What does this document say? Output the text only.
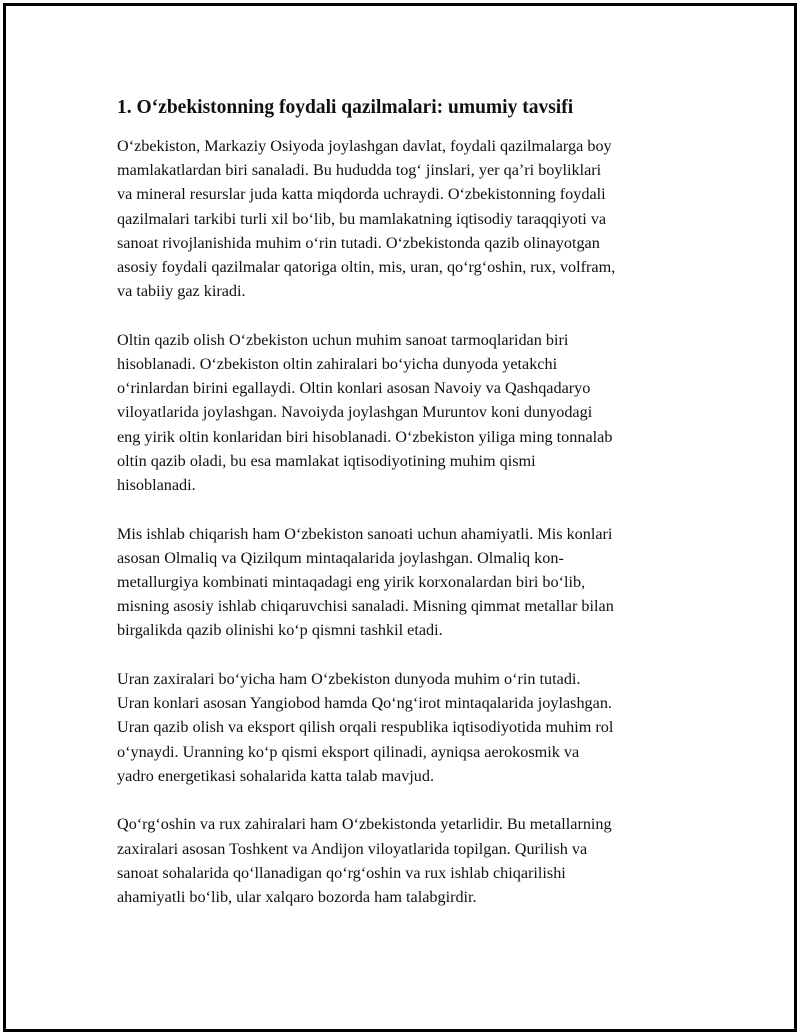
1. O‘zbekistonning foydali qazilmalari: umumiy tavsifi

O‘zbekiston, Markaziy Osiyoda joylashgan davlat, foydali qazilmalarga boy
mamlakatlardan biri sanaladi. Bu hududda tog‘ jinslari, yer qa’ri boyliklari
va mineral resurslar juda katta miqdorda uchraydi. O‘zbekistonning foydali
qazilmalari tarkibi turli xil bo‘lib, bu mamlakatning iqtisodiy taraqqiyoti va
sanoat rivojlanishida muhim o‘rin tutadi. O‘zbekistonda qazib olinayotgan
asosiy foydali qazilmalar qatoriga oltin, mis, uran, qo‘rg‘oshin, rux, volfram,
va tabiiy gaz kiradi.

Oltin qazib olish O‘zbekiston uchun muhim sanoat tarmoqlaridan biri
hisoblanadi. O‘zbekiston oltin zahiralari bo‘yicha dunyoda yetakchi
o‘rinlardan birini egallaydi. Oltin konlari asosan Navoiy va Qashqadaryo
viloyatlarida joylashgan. Navoiyda joylashgan Muruntov koni dunyodagi
eng yirik oltin konlaridan biri hisoblanadi. O‘zbekiston yiliga ming tonnalab
oltin qazib oladi, bu esa mamlakat iqtisodiyotining muhim qismi
hisoblanadi.

Mis ishlab chiqarish ham O‘zbekiston sanoati uchun ahamiyatli. Mis konlari
asosan Olmaliq va Qizilqum mintaqalarida joylashgan. Olmaliq kon-
metallurgiya kombinati mintaqadagi eng yirik korxonalardan biri bo‘lib,
misning asosiy ishlab chiqaruvchisi sanaladi. Misning qimmat metallar bilan
birgalikda qazib olinishi ko‘p qismni tashkil etadi.

Uran zaxiralari bo‘yicha ham O‘zbekiston dunyoda muhim o‘rin tutadi.
Uran konlari asosan Yangiobod hamda Qo‘ng‘irot mintaqalarida joylashgan.
Uran qazib olish va eksport qilish orqali respublika iqtisodiyotida muhim rol
o‘ynaydi. Uranning ko‘p qismi eksport qilinadi, ayniqsa aerokosmik va
yadro energetikasi sohalarida katta talab mavjud.

Qo‘rg‘oshin va rux zahiralari ham O‘zbekistonda yetarlidir. Bu metallarning
zaxiralari asosan Toshkent va Andijon viloyatlarida topilgan. Qurilish va
sanoat sohalarida qo‘llanadigan qo‘rg‘oshin va rux ishlab chiqarilishi
ahamiyatli bo‘lib, ular xalqaro bozorda ham talabgirdir.
